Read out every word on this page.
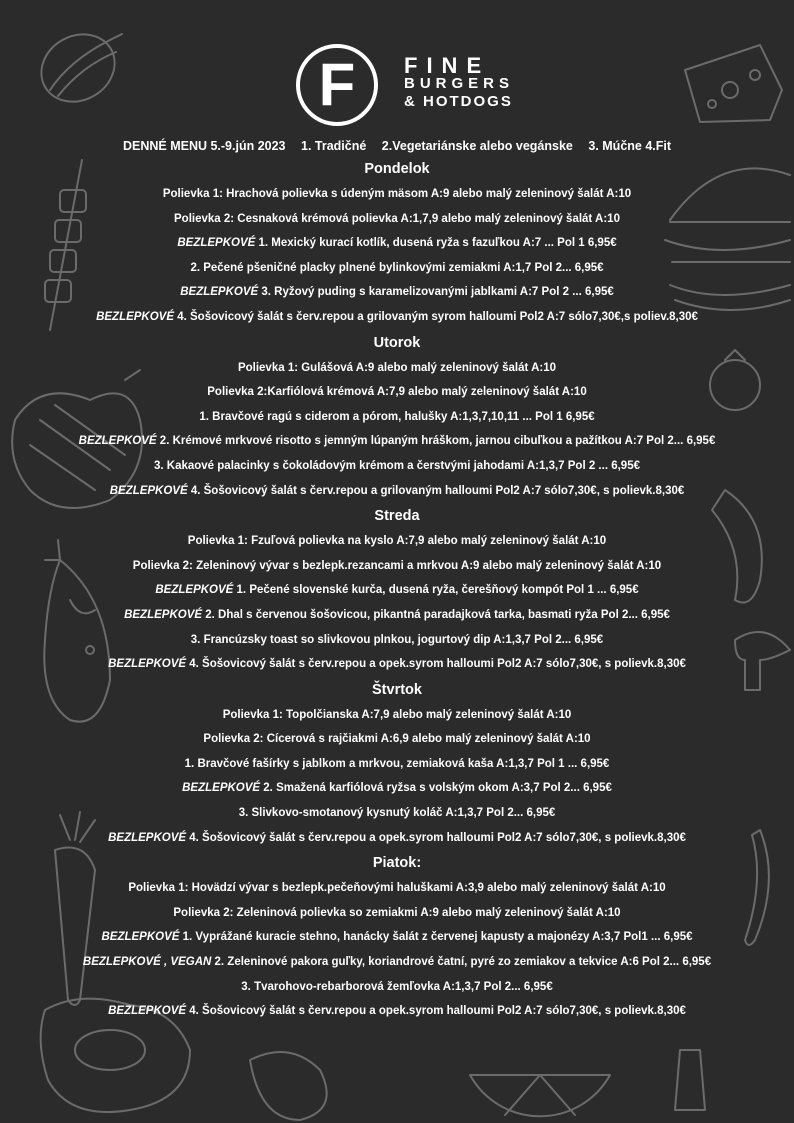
F	FINE
BURGERS
& HOTDOGS
DENNÉ MENU 5.-9.jún 2023 1. Tradičné 2.Vegetariánske alebo vegánske 3. Múčne 4.Fit
Pondelok
Polievka 1: Hrachová polievka s údeným mäsom A:9 alebo malý zeleninový šalát A:10
Polievka 2: Cesnaková krémová polievka A:1,7,9 alebo malý zeleninový šalát A:10
BEZLEPKOVÉ 1. Mexický kurací kotlík, dusená ryža s fazuľkou A:7 ... Pol 1 6,95€
2. Pečené pšeničné placky plnené bylinkovými zemiakmi A:1,7 Pol 2... 6,95€
BEZLEPKOVÉ 3. Ryžový puding s karamelizovanými jablkami A:7 Pol 2 ... 6,95€
BEZLEPKOVÉ 4. Šošovicový šalát s červ.repou a grilovaným syrom halloumi Pol2 A:7 sólo7,30€,s poliev.8,30€
Utorok
Polievka 1: Gulášová A:9 alebo malý zeleninový šalát A:10
Polievka 2:Karfiólová krémová A:7,9 alebo malý zeleninový šalát A:10
1. Bravčové ragú s ciderom a pórom, halušky A:1,3,7,10,11 ... Pol 1 6,95€
BEZLEPKOVÉ 2. Krémové mrkvové risotto s jemným lúpaným hráškom, jarnou cibuľkou a pažítkou A:7 Pol 2... 6,95€
3. Kakaové palacinky s čokoládovým krémom a čerstvými jahodami A:1,3,7 Pol 2 ... 6,95€
BEZLEPKOVÉ 4. Šošovicový šalát s červ.repou a grilovaným halloumi Pol2 A:7 sólo7,30€, s polievk.8,30€
Streda
Polievka 1: Fzuľová polievka na kyslo A:7,9 alebo malý zeleninový šalát A:10
Polievka 2: Zeleninový vývar s bezlepk.rezancami a mrkvou A:9 alebo malý zeleninový šalát A:10
BEZLEPKOVÉ 1. Pečené slovenské kurča, dusená ryža, čerešňový kompót Pol 1 ... 6,95€
BEZLEPKOVÉ 2. Dhal s červenou šošovicou, pikantná paradajková tarka, basmati ryža Pol 2... 6,95€
3. Francúzsky toast so slivkovou plnkou, jogurtový dip A:1,3,7 Pol 2... 6,95€
BEZLEPKOVÉ 4. Šošovicový šalát s červ.repou a opek.syrom halloumi Pol2 A:7 sólo7,30€, s polievk.8,30€
Štvrtok
Polievka 1: Topolčianska A:7,9 alebo malý zeleninový šalát A:10
Polievka 2: Cícerová s rajčiakmi A:6,9 alebo malý zeleninový šalát A:10
1. Bravčové fašírky s jablkom a mrkvou, zemiaková kaša A:1,3,7 Pol 1 ... 6,95€
BEZLEPKOVÉ 2. Smažená karfiólová ryžsa s volským okom A:3,7 Pol 2... 6,95€
3. Slivkovo-smotanový kysnutý koláč A:1,3,7 Pol 2... 6,95€
BEZLEPKOVÉ 4. Šošovicový šalát s červ.repou a opek.syrom halloumi Pol2 A:7 sólo7,30€, s polievk.8,30€
Piatok:
Polievka 1: Hovädzí vývar s bezlepk.pečeňovými haluškami A:3,9 alebo malý zeleninový šalát A:10
Polievka 2: Zeleninová polievka so zemiakmi A:9 alebo malý zeleninový šalát A:10
BEZLEPKOVÉ 1. Vyprážané kuracie stehno, hanácky šalát z červenej kapusty a majonézy A:3,7 Pol1 ... 6,95€
BEZLEPKOVÉ , VEGAN 2. Zeleninové pakora guľky, koriandrové čatní, pyré zo zemiakov a tekvice A:6 Pol 2... 6,95€
3. Tvarohovo-rebarborová žemľovka A:1,3,7 Pol 2... 6,95€
BEZLEPKOVÉ 4. Šošovicový šalát s červ.repou a opek.syrom halloumi Pol2 A:7 sólo7,30€, s polievk.8,30€
